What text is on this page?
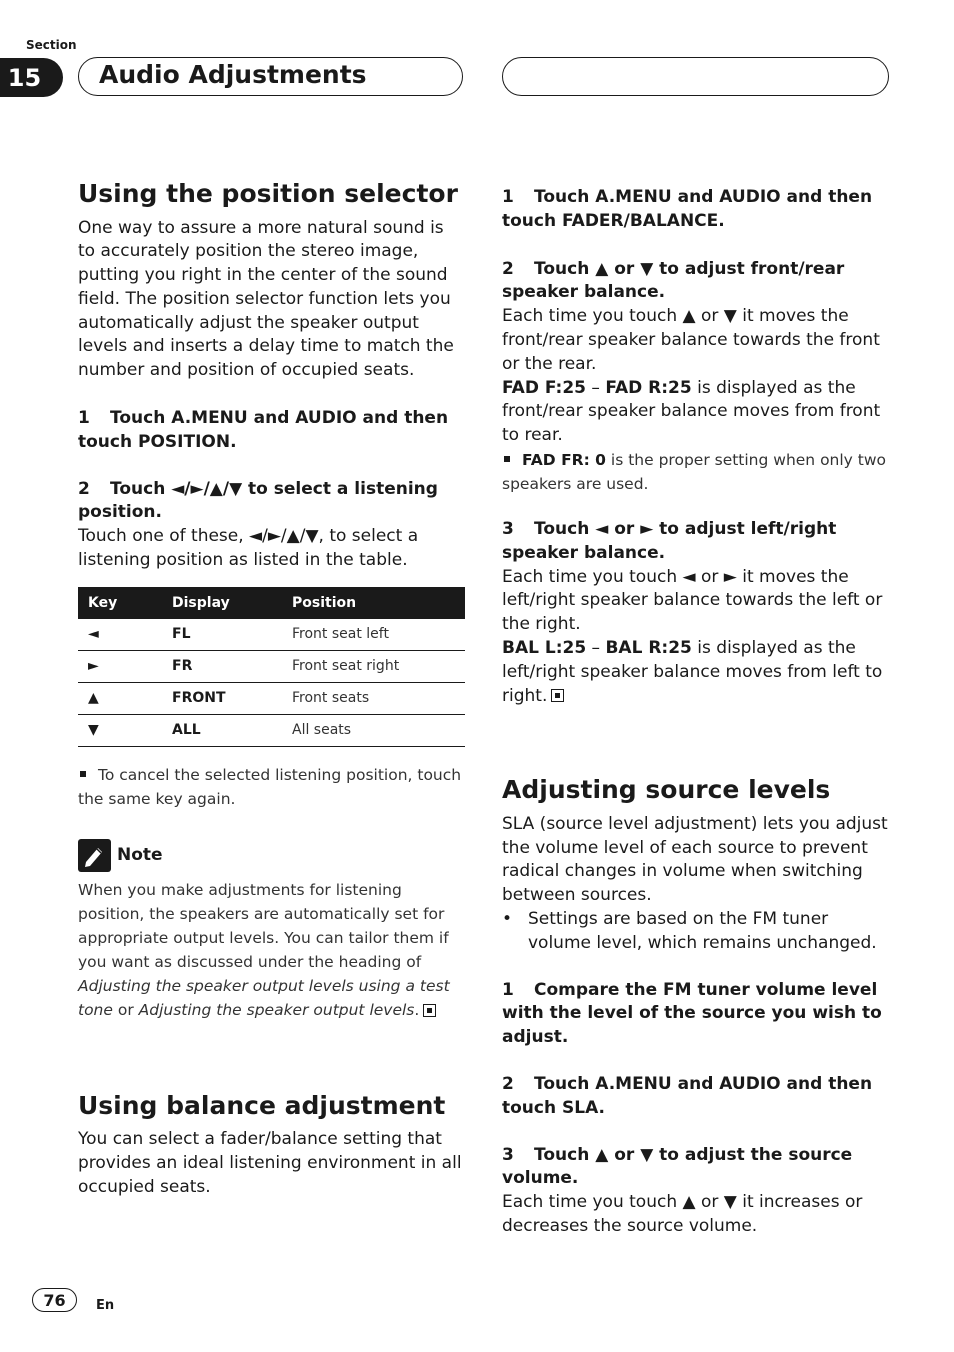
Section
15	Audio Adjustments
Using the position selector

One way to assure a more natural sound is to accurately position the stereo image, putting you right in the center of the sound field. The position selector function lets you automatically adjust the speaker output levels and inserts a delay time to match the number and position of occupied seats.

1 Touch A.MENU and AUDIO and then touch POSITION.

2 Touch ◄/►/▲/▼ to select a listening position.

Touch one of these, ◄/►/▲/▼, to select a listening position as listed in the table.

Key	Display	Position
◄	FL	Front seat left
►	FR	Front seat right
▲	FRONT	Front seats
▼	ALL	All seats

To cancel the selected listening position, touch the same key again.

Note

When you make adjustments for listening position, the speakers are automatically set for appropriate output levels. You can tailor them if you want as discussed under the heading of Adjusting the speaker output levels using a test tone or Adjusting the speaker output levels.

Using balance adjustment

You can select a fader/balance setting that provides an ideal listening environment in all occupied seats.

1 Touch A.MENU and AUDIO and then touch FADER/BALANCE.

2 Touch ▲ or ▼ to adjust front/rear speaker balance.

Each time you touch ▲ or ▼ it moves the front/rear speaker balance towards the front or the rear.

FAD F:25 – FAD R:25 is displayed as the front/rear speaker balance moves from front to rear.

FAD FR: 0 is the proper setting when only two speakers are used.

3 Touch ◄ or ► to adjust left/right speaker balance.

Each time you touch ◄ or ► it moves the left/right speaker balance towards the left or the right.

BAL L:25 – BAL R:25 is displayed as the left/right speaker balance moves from left to right.

Adjusting source levels

SLA (source level adjustment) lets you adjust the volume level of each source to prevent radical changes in volume when switching between sources.

• Settings are based on the FM tuner volume level, which remains unchanged.

1 Compare the FM tuner volume level with the level of the source you wish to adjust.

2 Touch A.MENU and AUDIO and then touch SLA.

3 Touch ▲ or ▼ to adjust the source volume.

Each time you touch ▲ or ▼ it increases or decreases the source volume.

76	En
